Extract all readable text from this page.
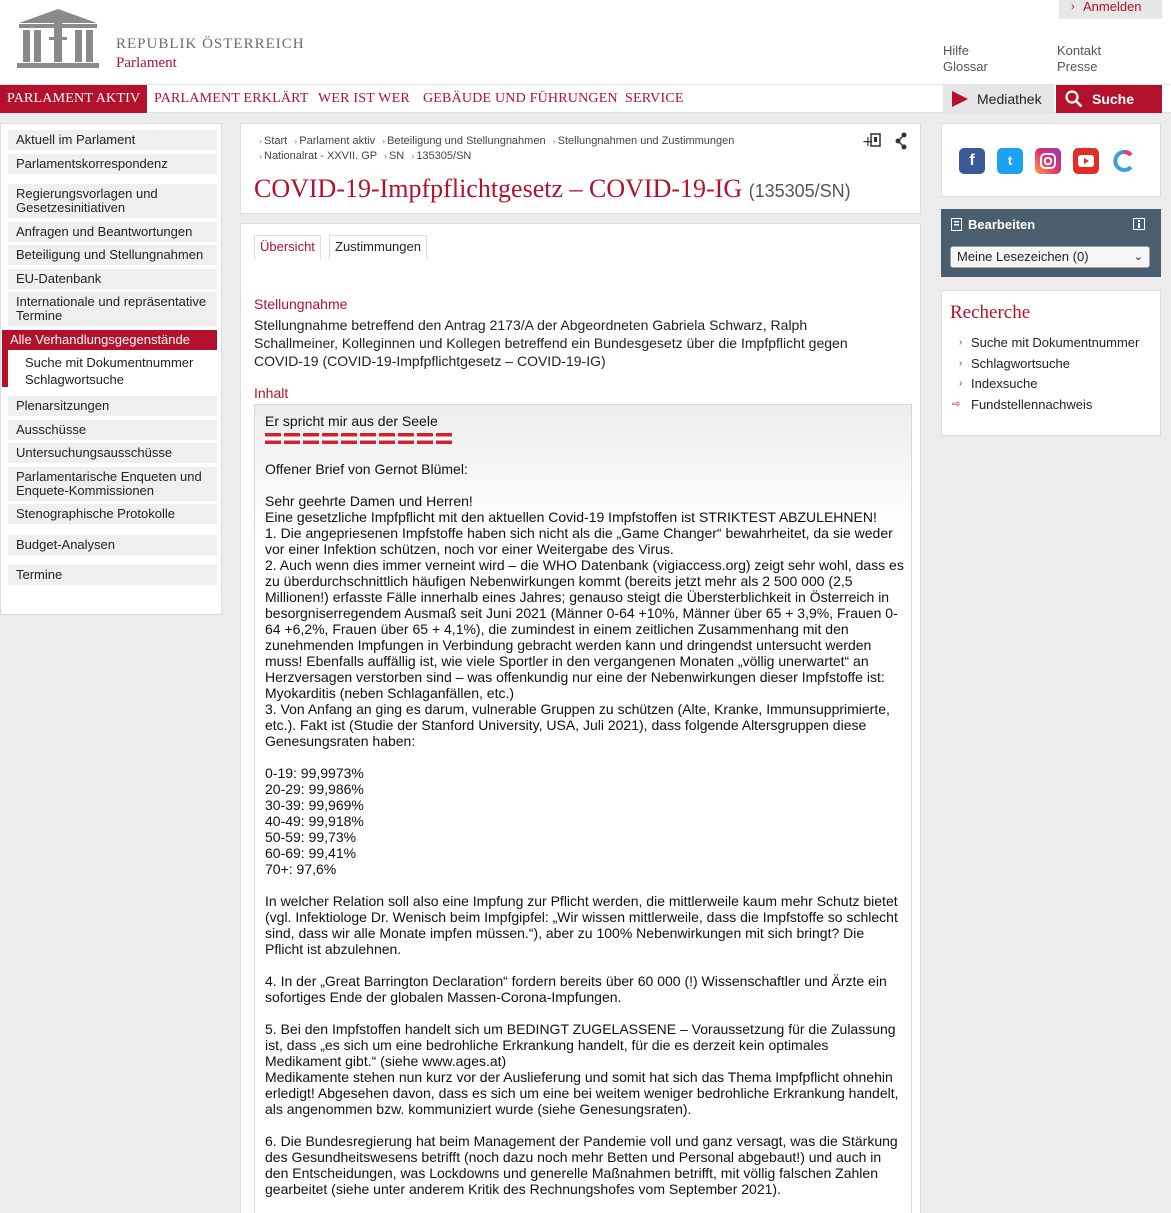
REPUBLIK ÖSTERREICH
Parlament
› Anmelden
Hilfe
Glossar
Kontakt
Presse
PARLAMENT AKTIV PARLAMENT ERKLÄRT WER IST WER GEBÄUDE UND FÜHRUNGEN SERVICE	Mediathek	Suche
Aktuell im Parlament
Parlamentskorrespondenz
Regierungsvorlagen und Gesetzesinitiativen
Anfragen und Beantwortungen
Beteiligung und Stellungnahmen
EU-Datenbank
Internationale und repräsentative Termine
Alle Verhandlungsgegenstände
Suche mit Dokumentnummer
Schlagwortsuche
Plenarsitzungen
Ausschüsse
Untersuchungsausschüsse
Parlamentarische Enqueten und Enquete-Kommissionen
Stenographische Protokolle
Budget-Analysen
Termine
› Start › Parlament aktiv › Beteiligung und Stellungnahmen › Stellungnahmen und Zustimmungen
› Nationalrat - XXVII. GP › SN › 135305/SN
+
COVID-19-Impfpflichtgesetz – COVID-19-IG (135305/SN)
Übersicht	Zustimmungen
Stellungnahme
Stellungnahme betreffend den Antrag 2173/A der Abgeordneten Gabriela Schwarz, Ralph Schallmeiner, Kolleginnen und Kollegen betreffend ein Bundesgesetz über die Impfpflicht gegen COVID-19 (COVID-19-Impfpflichtgesetz – COVID-19-IG)
Inhalt
Er spricht mir aus der Seele
Offener Brief von Gernot Blümel:

Sehr geehrte Damen und Herren!
Eine gesetzliche Impfpflicht mit den aktuellen Covid-19 Impfstoffen ist STRIKTEST ABZULEHNEN!
1. Die angepriesenen Impfstoffe haben sich nicht als die „Game Changer“ bewahrheitet, da sie weder vor einer Infektion schützen, noch vor einer Weitergabe des Virus.
2. Auch wenn dies immer verneint wird – die WHO Datenbank (vigiaccess.org) zeigt sehr wohl, dass es zu überdurchschnittlich häufigen Nebenwirkungen kommt (bereits jetzt mehr als 2 500 000 (2,5 Millionen!) erfasste Fälle innerhalb eines Jahres; genauso steigt die Übersterblichkeit in Österreich in besorgniserregendem Ausmaß seit Juni 2021 (Männer 0-64 +10%, Männer über 65 + 3,9%, Frauen 0-64 +6,2%, Frauen über 65 + 4,1%), die zumindest in einem zeitlichen Zusammenhang mit den zunehmenden Impfungen in Verbindung gebracht werden kann und dringendst untersucht werden muss! Ebenfalls auffällig ist, wie viele Sportler in den vergangenen Monaten „völlig unerwartet“ an Herzversagen verstorben sind – was offenkundig nur eine der Nebenwirkungen dieser Impfstoffe ist: Myokarditis (neben Schlaganfällen, etc.)
3. Von Anfang an ging es darum, vulnerable Gruppen zu schützen (Alte, Kranke, Immunsupprimierte, etc.). Fakt ist (Studie der Stanford University, USA, Juli 2021), dass folgende Altersgruppen diese Genesungsraten haben:

0-19: 99,9973%
20-29: 99,986%
30-39: 99,969%
40-49: 99,918%
50-59: 99,73%
60-69: 99,41%
70+: 97,6%

In welcher Relation soll also eine Impfung zur Pflicht werden, die mittlerweile kaum mehr Schutz bietet (vgl. Infektiologe Dr. Wenisch beim Impfgipfel: „Wir wissen mittlerweile, dass die Impfstoffe so schlecht sind, dass wir alle Monate impfen müssen.“), aber zu 100% Nebenwirkungen mit sich bringt? Die Pflicht ist abzulehnen.

4. In der „Great Barrington Declaration“ fordern bereits über 60 000 (!) Wissenschaftler und Ärzte ein sofortiges Ende der globalen Massen-Corona-Impfungen.

5. Bei den Impfstoffen handelt sich um BEDINGT ZUGELASSENE – Voraussetzung für die Zulassung ist, dass „es sich um eine bedrohliche Erkrankung handelt, für die es derzeit kein optimales Medikament gibt.“ (siehe www.ages.at)
Medikamente stehen nun kurz vor der Auslieferung und somit hat sich das Thema Impfpflicht ohnehin erledigt! Abgesehen davon, dass es sich um eine bei weitem weniger bedrohliche Erkrankung handelt, als angenommen bzw. kommuniziert wurde (siehe Genesungsraten).

6. Die Bundesregierung hat beim Management der Pandemie voll und ganz versagt, was die Stärkung des Gesundheitswesens betrifft (noch dazu noch mehr Betten und Personal abgebaut!) und auch in den Entscheidungen, was Lockdowns und generelle Maßnahmen betrifft, mit völlig falschen Zahlen gearbeitet (siehe unter anderem Kritik des Rechnungshofes vom September 2021).
f	t
Bearbeiten
Meine Lesezeichen (0)	⌄
Recherche
› Suche mit Dokumentnummer
› Schlagwortsuche
› Indexsuche
⇨ Fundstellennachweis
